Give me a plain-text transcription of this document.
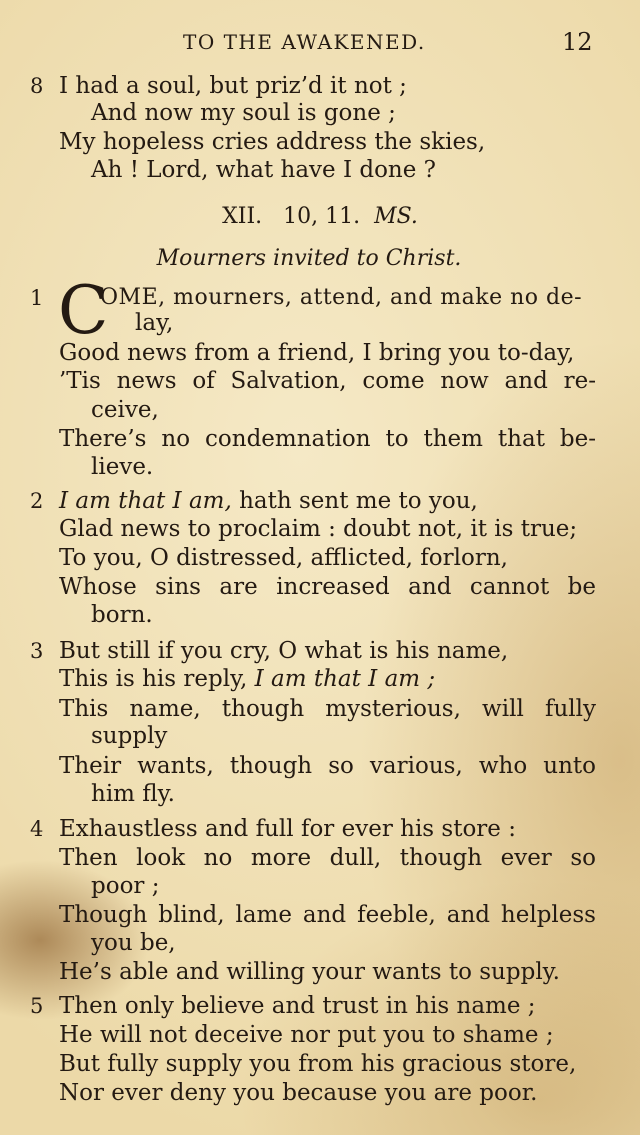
TO THE AWAKENED.	12
8 I had a soul, but priz’d it not ;
And now my soul is gone ;
My hopeless cries address the skies,
Ah ! Lord, what have I done ?
XII. 10, 11. MS.
Mourners invited to Christ.
1	OME, mourners, attend, and make no de-
C lay,
Good news from a friend, I bring you to-day,
’Tis news of Salvation, come now and re-
ceive,
There’s no condemnation to them that be-
lieve.
2 I am that I am, hath sent me to you,
Glad news to proclaim : doubt not, it is true;
To you, O distressed, afflicted, forlorn,
Whose sins are increased and cannot be
born.
3 But still if you cry, O what is his name,
This is his reply, I am that I am ;
This name, though mysterious, will fully
supply
Their wants, though so various, who unto
him fly.
4 Exhaustless and full for ever his store :
Then look no more dull, though ever so
poor ;
Though blind, lame and feeble, and helpless
you be,
He’s able and willing your wants to supply.
5 Then only believe and trust in his name ;
He will not deceive nor put you to shame ;
But fully supply you from his gracious store,
Nor ever deny you because you are poor.
